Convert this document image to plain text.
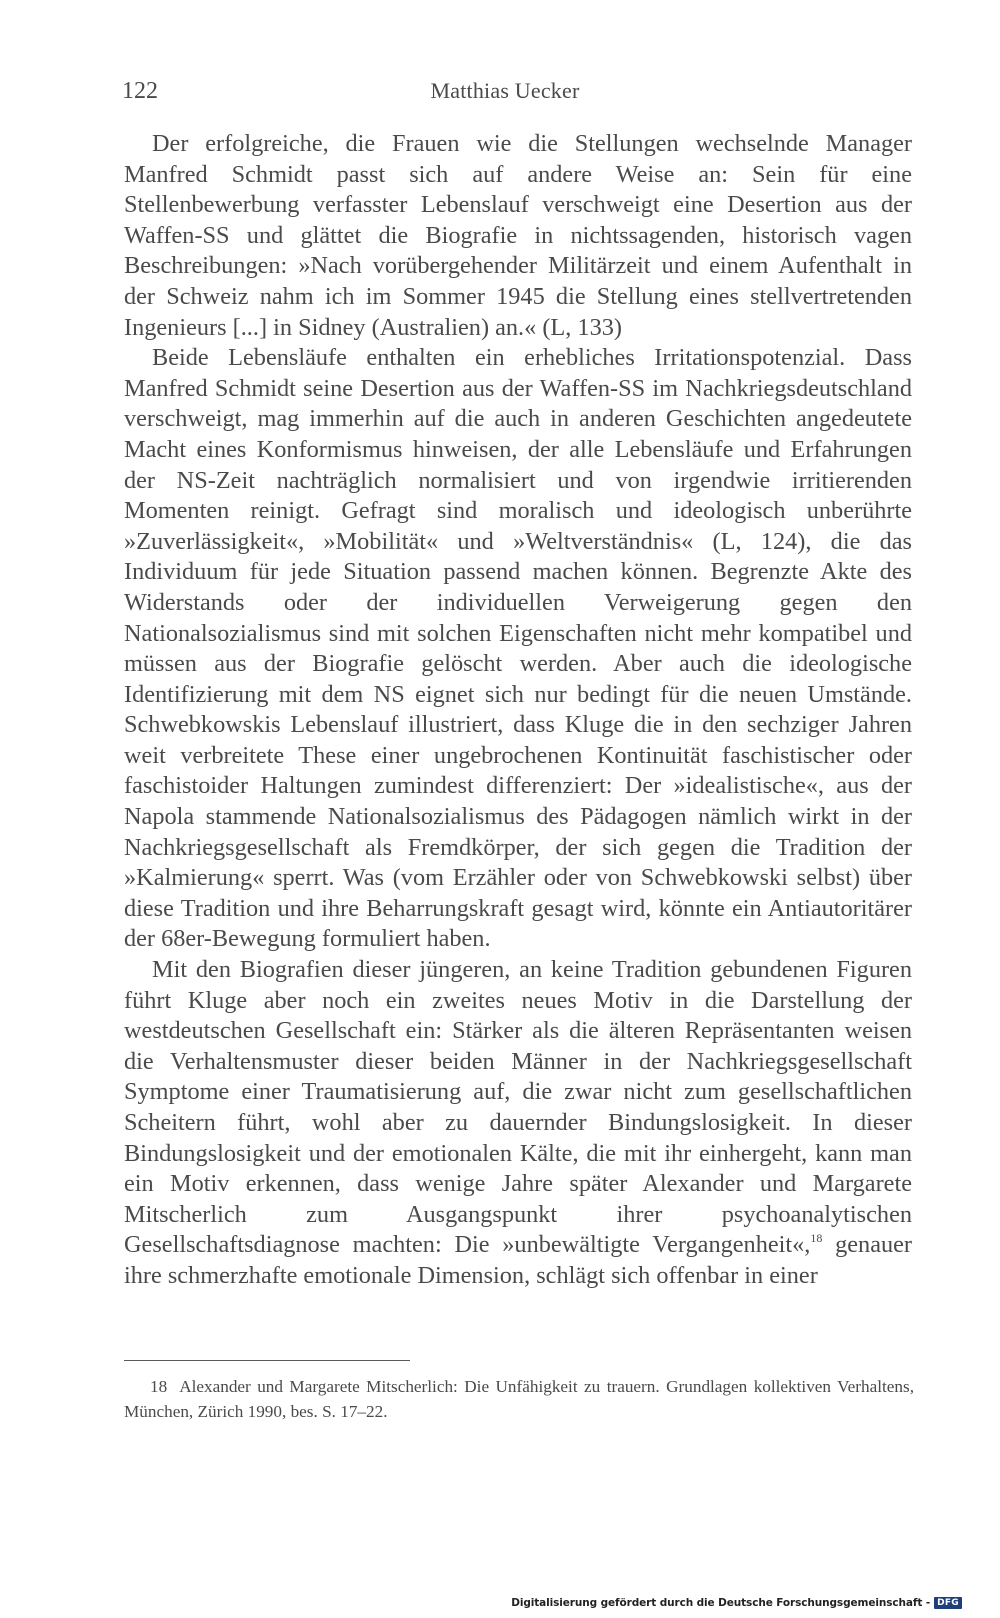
122	Matthias Uecker

Der erfolgreiche, die Frauen wie die Stellungen wechselnde Manager Manfred Schmidt passt sich auf andere Weise an: Sein für eine Stellenbewerbung verfasster Lebenslauf verschweigt eine Desertion aus der Waffen-SS und glättet die Biografie in nichtssagenden, historisch vagen Beschreibungen: »Nach vorübergehender Militärzeit und einem Aufenthalt in der Schweiz nahm ich im Sommer 1945 die Stellung eines stellvertretenden Ingenieurs [...] in Sidney (Australien) an.« (L, 133)

Beide Lebensläufe enthalten ein erhebliches Irritationspotenzial. Dass Manfred Schmidt seine Desertion aus der Waffen-SS im Nachkriegsdeutschland verschweigt, mag immerhin auf die auch in anderen Geschichten angedeutete Macht eines Konformismus hinweisen, der alle Lebensläufe und Erfahrungen der NS-Zeit nachträglich normalisiert und von irgendwie irritierenden Momenten reinigt. Gefragt sind moralisch und ideologisch unberührte »Zuverlässigkeit«, »Mobilität« und »Weltverständnis« (L, 124), die das Individuum für jede Situation passend machen können. Begrenzte Akte des Widerstands oder der individuellen Verweigerung gegen den Nationalsozialismus sind mit solchen Eigenschaften nicht mehr kompatibel und müssen aus der Biografie gelöscht werden. Aber auch die ideologische Identifizierung mit dem NS eignet sich nur bedingt für die neuen Umstände. Schwebkowskis Lebenslauf illustriert, dass Kluge die in den sechziger Jahren weit verbreitete These einer ungebrochenen Kontinuität faschistischer oder faschistoider Haltungen zumindest differenziert: Der »idealistische«, aus der Napola stammende Nationalsozialismus des Pädagogen nämlich wirkt in der Nachkriegsgesellschaft als Fremdkörper, der sich gegen die Tradition der »Kalmierung« sperrt. Was (vom Erzähler oder von Schwebkowski selbst) über diese Tradition und ihre Beharrungskraft gesagt wird, könnte ein Antiautoritärer der 68er-Bewegung formuliert haben.

Mit den Biografien dieser jüngeren, an keine Tradition gebundenen Figuren führt Kluge aber noch ein zweites neues Motiv in die Darstellung der westdeutschen Gesellschaft ein: Stärker als die älteren Repräsentanten weisen die Verhaltensmuster dieser beiden Männer in der Nachkriegsgesellschaft Symptome einer Traumatisierung auf, die zwar nicht zum gesellschaftlichen Scheitern führt, wohl aber zu dauernder Bindungslosigkeit. In dieser Bindungslosigkeit und der emotionalen Kälte, die mit ihr einhergeht, kann man ein Motiv erkennen, dass wenige Jahre später Alexander und Margarete Mitscherlich zum Ausgangspunkt ihrer psychoanalytischen Gesellschaftsdiagnose machten: Die »unbewältigte Vergangenheit«,$^{18}$ genauer ihre schmerzhafte emotionale Dimension, schlägt sich offenbar in einer

18 Alexander und Margarete Mitscherlich: Die Unfähigkeit zu trauern. Grundlagen kollektiven Verhaltens, München, Zürich 1990, bes. S. 17–22.
Digitalisierung gefördert durch die Deutsche Forschungsgemeinschaft - DFG
